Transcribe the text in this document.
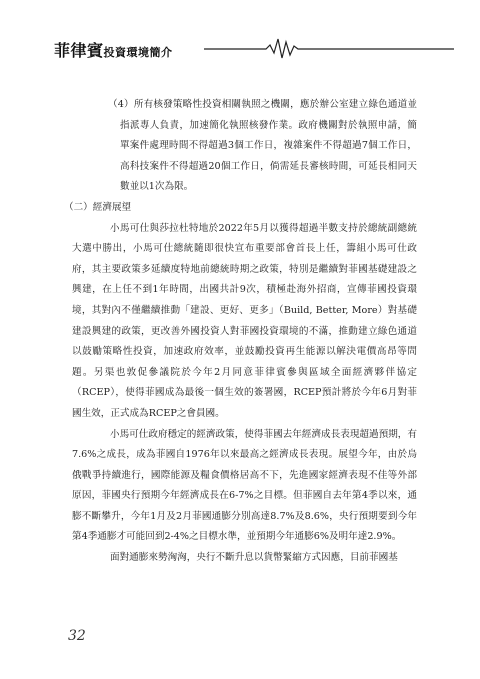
菲律賓投資環境簡介
（4）所有核發策略性投資相關執照之機關，應於辦公室建立綠色通道並指派專人負責，加速簡化執照核發作業。政府機關對於執照申請，簡單案件處理時間不得超過3個工作日，複雜案件不得超過7個工作日，高科技案件不得超過20個工作日，倘需延長審核時間，可延長相同天數並以1次為限。
（二）經濟展望
小馬可仕與莎拉杜特地於2022年5月以獲得超過半數支持於總統副總統大選中勝出，小馬可仕總統隨即很快宣布重要部會首長上任，籌組小馬可仕政府，其主要政策多延續度特地前總統時期之政策，特別是繼續對菲國基礎建設之興建，在上任不到1年時間，出國共計9次，積極赴海外招商，宣傳菲國投資環境，其對內不僅繼續推動「建設、更好、更多」（Build, Better, More）對基礎建設興建的政策，更改善外國投資人對菲國投資環境的不滿，推動建立綠色通道以鼓勵策略性投資，加速政府效率，並鼓勵投資再生能源以解決電價高昂等問題。另渠也敦促參議院於今年2月同意菲律賓參與區域全面經濟夥伴協定（RCEP），使得菲國成為最後一個生效的簽署國，RCEP預計將於今年6月對菲國生效，正式成為RCEP之會員國。
小馬可仕政府穩定的經濟政策，使得菲國去年經濟成長表現超過預期，有7.6%之成長，成為菲國自1976年以來最高之經濟成長表現。展望今年，由於烏俄戰爭持續進行，國際能源及糧食價格居高不下，先進國家經濟表現不佳等外部原因，菲國央行預期今年經濟成長在6-7%之目標。但菲國自去年第4季以來，通膨不斷攀升，今年1月及2月菲國通膨分別高達8.7%及8.6%，央行預期要到今年第4季通膨才可能回到2-4%之目標水準，並預期今年通膨6%及明年達2.9%。
面對通膨來勢洶洶，央行不斷升息以貨幣緊縮方式因應，目前菲國基
32
